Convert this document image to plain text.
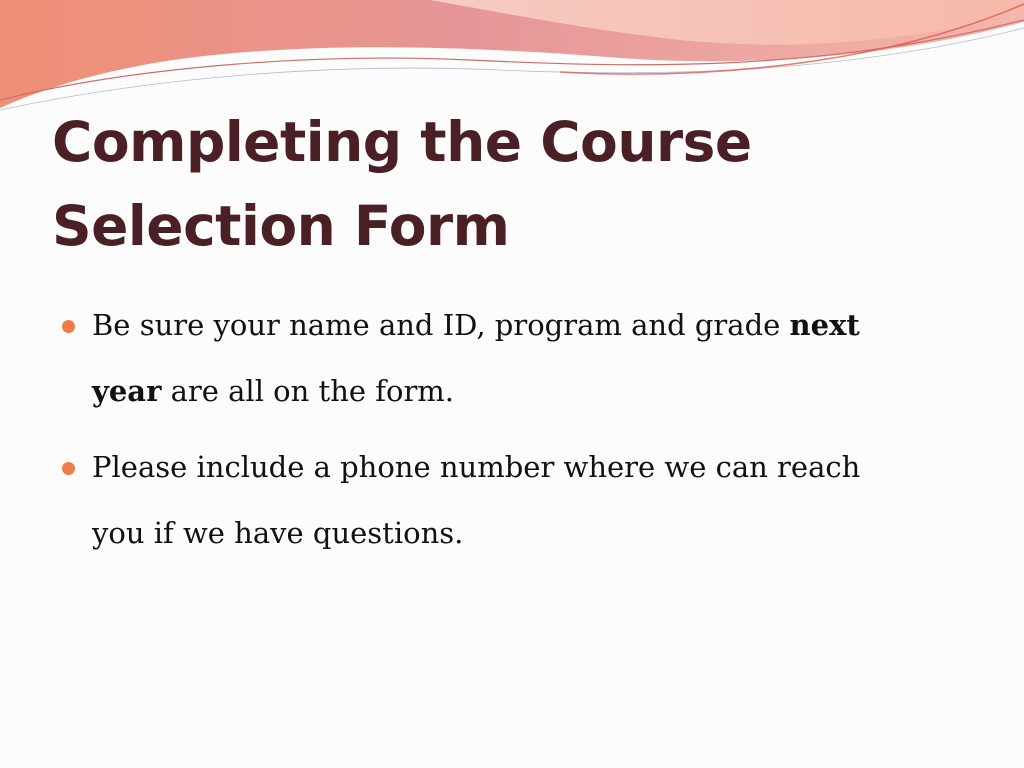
Completing the Course
Selection Form
Be sure your name and ID, program and grade next year are all on the form.
Please include a phone number where we can reach you if we have questions.
